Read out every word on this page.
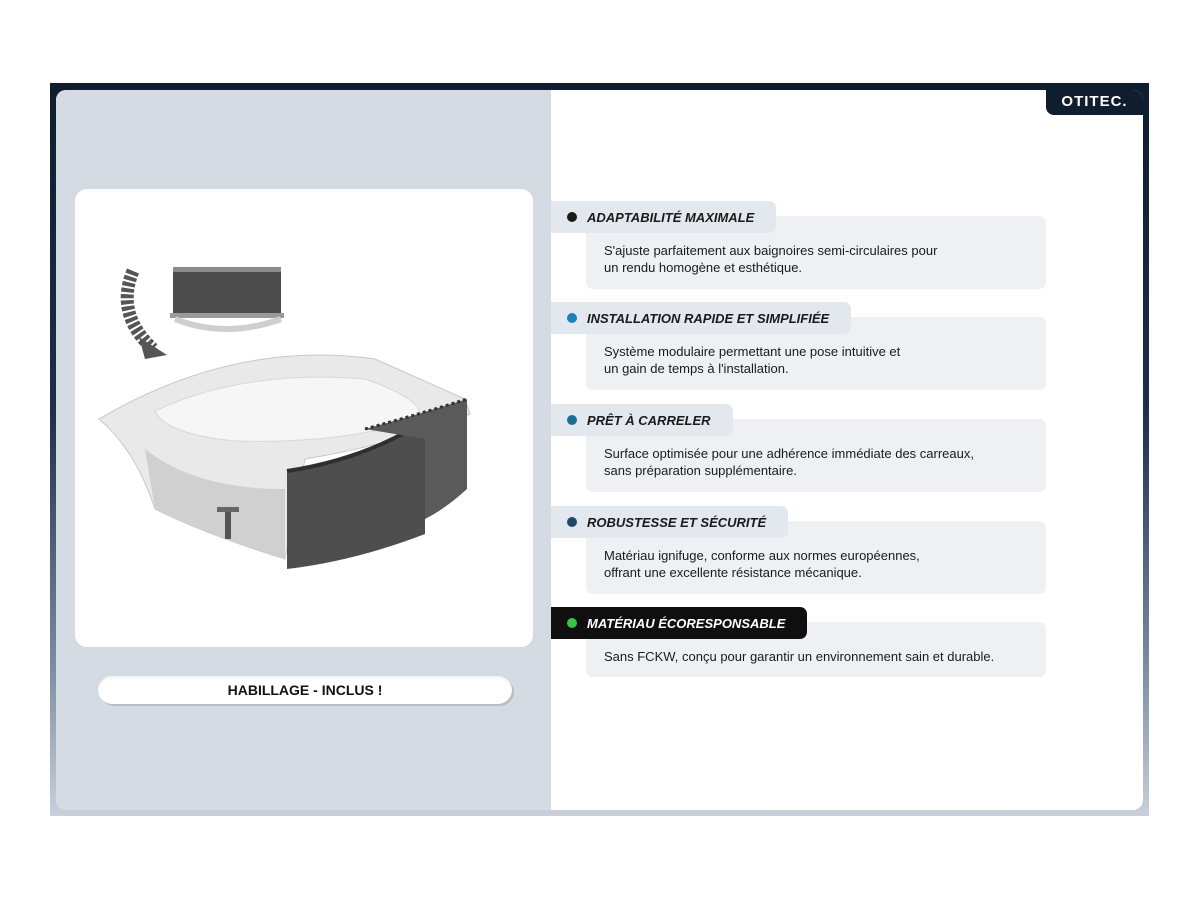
HABILLAGE - INCLUS !
OTITEC.
S'ajuste parfaitement aux baignoires semi-circulaires pour
un rendu homogène et esthétique.
ADAPTABILITÉ MAXIMALE
Système modulaire permettant une pose intuitive et
un gain de temps à l'installation.
INSTALLATION RAPIDE ET SIMPLIFIÉE
Surface optimisée pour une adhérence immédiate des carreaux,
sans préparation supplémentaire.
PRÊT À CARRELER
Matériau ignifuge, conforme aux normes européennes,
offrant une excellente résistance mécanique.
ROBUSTESSE ET SÉCURITÉ
Sans FCKW, conçu pour garantir un environnement sain et durable.
MATÉRIAU ÉCORESPONSABLE
